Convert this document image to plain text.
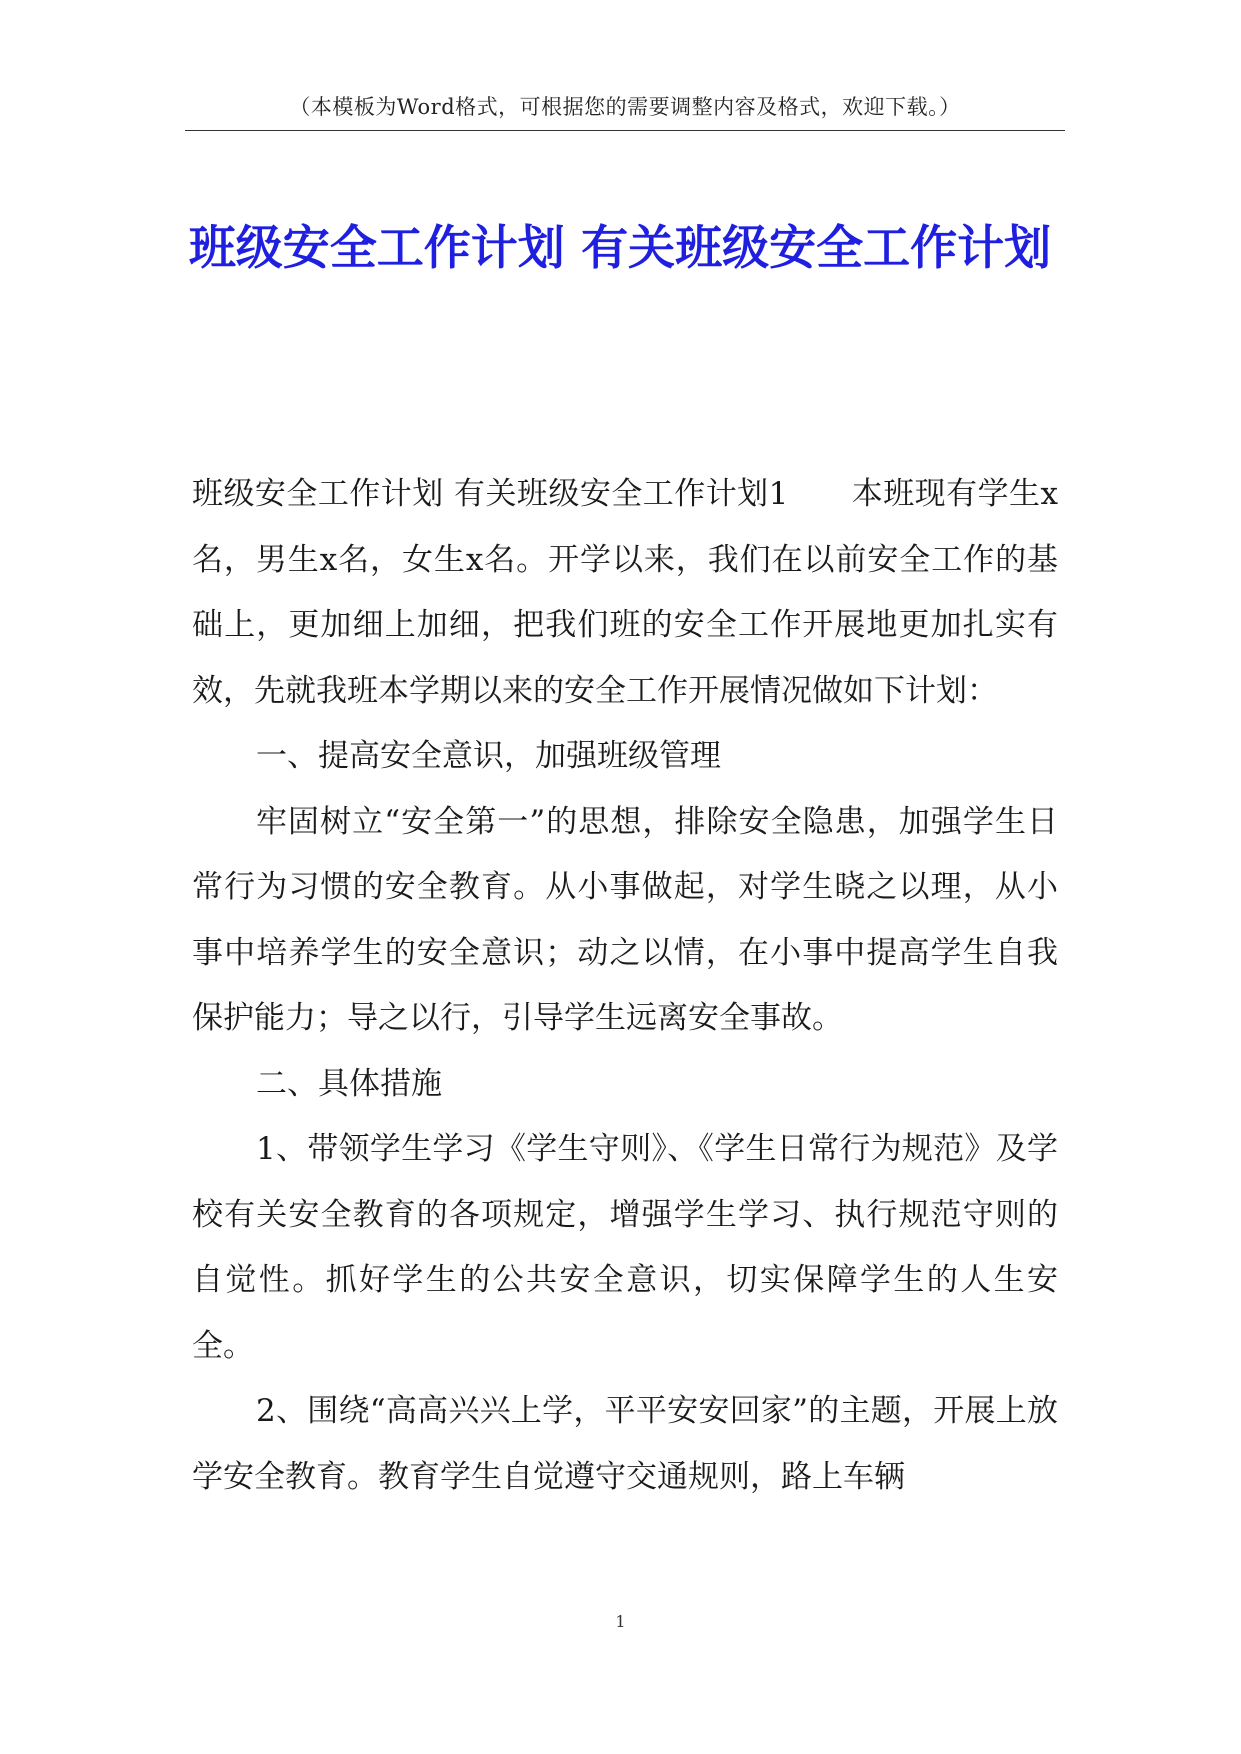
（本模板为Word格式，可根据您的需要调整内容及格式，欢迎下载。）
班级安全工作计划 有关班级安全工作计划

班级安全工作计划 有关班级安全工作计划1　　本班现有学生x名，男生x名，女生x名。开学以来，我们在以前安全工作的基础上，更加细上加细，把我们班的安全工作开展地更加扎实有效，先就我班本学期以来的安全工作开展情况做如下计划：

一、提高安全意识，加强班级管理

牢固树立“安全第一”的思想，排除安全隐患，加强学生日常行为习惯的安全教育。从小事做起，对学生晓之以理，从小事中培养学生的安全意识；动之以情，在小事中提高学生自我保护能力；导之以行，引导学生远离安全事故。

二、具体措施

1、带领学生学习《学生守则》、《学生日常行为规范》及学校有关安全教育的各项规定，增强学生学习、执行规范守则的自觉性。抓好学生的公共安全意识，切实保障学生的人生安全。

2、围绕“高高兴兴上学，平平安安回家”的主题，开展上放学安全教育。教育学生自觉遵守交通规则，路上车辆

1
